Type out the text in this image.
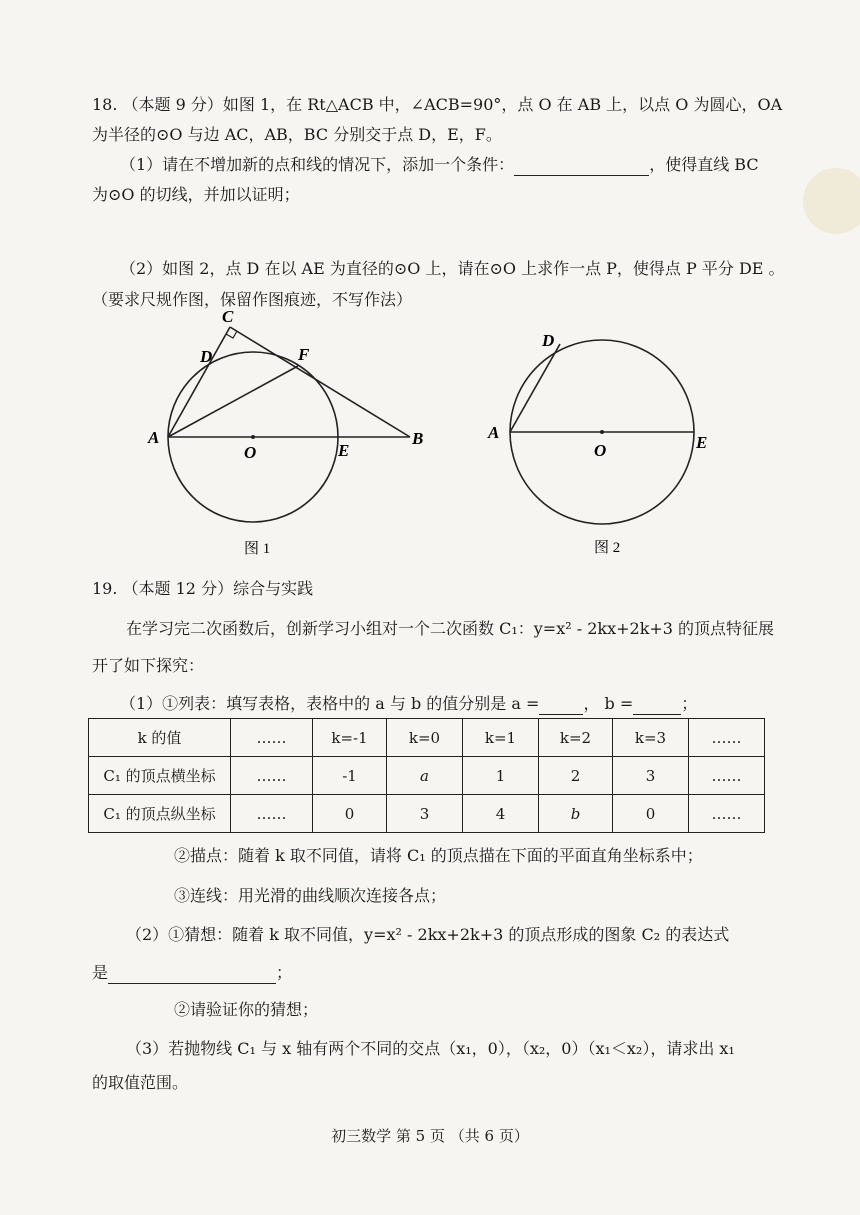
18. （本题 9 分）如图 1，在 Rt△ACB 中，∠ACB=90°，点 O 在 AB 上，以点 O 为圆心，OA
为半径的⊙O 与边 AC，AB，BC 分别交于点 D，E，F。
（1）请在不增加新的点和线的情况下，添加一个条件：	，使得直线 BC
为⊙O 的切线，并加以证明；
（2）如图 2，点 D 在以 AE 为直径的⊙O 上，请在⊙O 上求作一点 P，使得点 P 平分 DE 。
（要求尺规作图，保留作图痕迹，不写作法）
C
D	F
A
O	E
B
图 1
D
A
O	E
图 2
19. （本题 12 分）综合与实践
在学习完二次函数后，创新学习小组对一个二次函数 C₁：y=x² - 2kx+2k+3 的顶点特征展
开了如下探究：
（1）①列表：填写表格，表格中的 a 与 b 的值分别是 a =	， b =	；
k 的值	……	k=-1	k=0	k=1	k=2	k=3	……
C₁ 的顶点横坐标	……	-1	a	1	2	3	……
C₁ 的顶点纵坐标	……	0	3	4	b	0	……
②描点：随着 k 取不同值，请将 C₁ 的顶点描在下面的平面直角坐标系中；
③连线：用光滑的曲线顺次连接各点；
（2）①猜想：随着 k 取不同值，y=x² - 2kx+2k+3 的顶点形成的图象 C₂ 的表达式
是	；
②请验证你的猜想；
（3）若抛物线 C₁ 与 x 轴有两个不同的交点（x₁，0），（x₂，0）（x₁＜x₂），请求出 x₁
的取值范围。
初三数学 第 5 页 （共 6 页）
